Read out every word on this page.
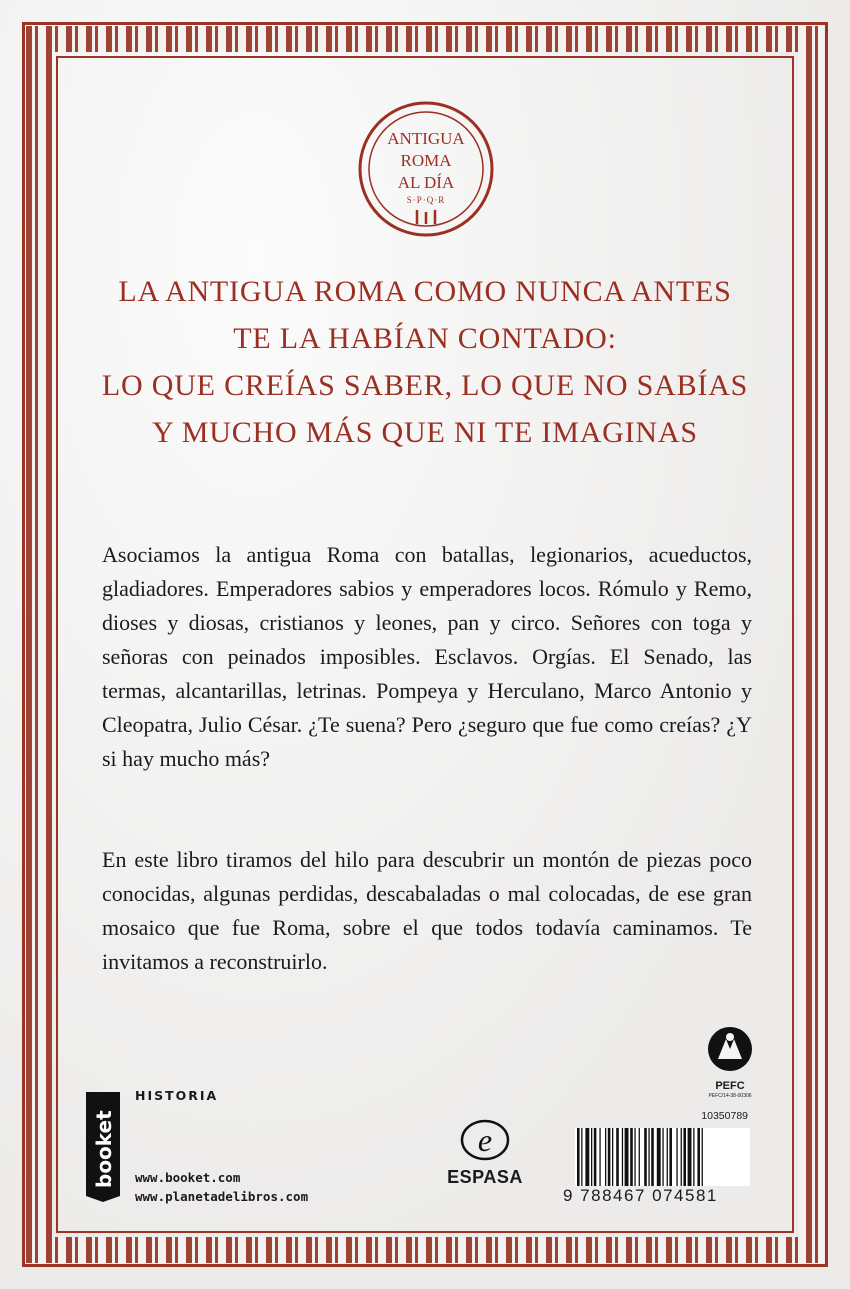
ANTIGUA
ROMA
AL DÍA
S·P·Q·R
LA ANTIGUA ROMA COMO NUNCA ANTES
TE LA HABÍAN CONTADO:
LO QUE CREÍAS SABER, LO QUE NO SABÍAS
Y MUCHO MÁS QUE NI TE IMAGINAS
Asociamos la antigua Roma con batallas, legionarios, acueductos, gladiadores. Emperadores sabios y emperadores locos. Rómulo y Remo, dioses y diosas, cristianos y leones, pan y circo. Señores con toga y señoras con peinados imposibles. Esclavos. Orgías. El Senado, las termas, alcantarillas, letrinas. Pompeya y Herculano, Marco Antonio y Cleopatra, Julio César. ¿Te suena? Pero ¿seguro que fue como creías? ¿Y si hay mucho más?
En este libro tiramos del hilo para descubrir un montón de piezas poco conocidas, algunas perdidas, descabaladas o mal colocadas, de ese gran mosaico que fue Roma, sobre el que todos todavía caminamos. Te invitamos a reconstruirlo.
booket
HISTORIA
www.booket.com
www.planetadelibros.com
e
ESPASA
PEFC
PEFC/14-38-00306
10350789
9 788467 074581
